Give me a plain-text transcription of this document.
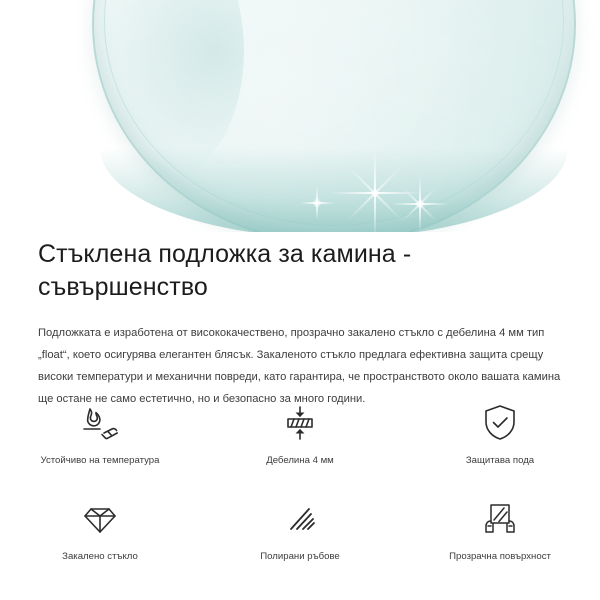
Стъклена подложка за камина - съвършенство

Подложката е изработена от висококачествено, прозрачно закалено стъкло с дебелина 4 мм тип „float“, което осигурява елегантен блясък. Закаленото стъкло предлага ефективна защита срещу високи температури и механични повреди, като гарантира, че пространството около вашата камина ще остане не само естетично, но и безопасно за много години.

Устойчиво на температура	Дебелина 4 мм	Защитава пода
Закалено стъкло	Полирани ръбове	Прозрачна повърхност
